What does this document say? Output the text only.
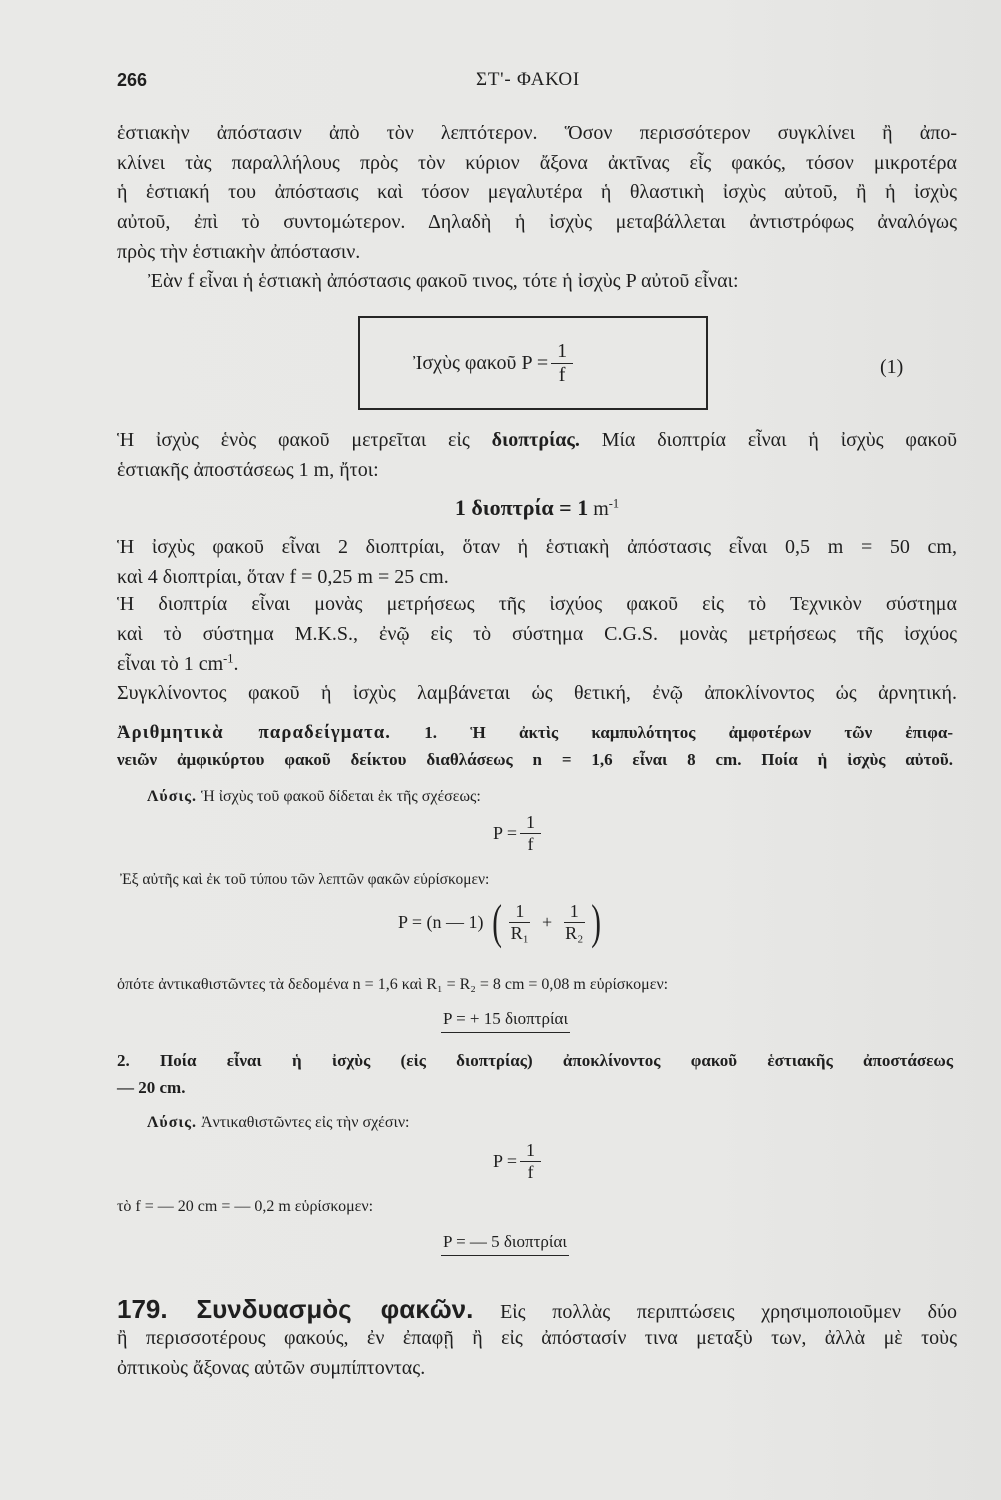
266	ΣΤ'- ΦΑΚΟΙ
ἑστιακὴν ἀπόστασιν ἀπὸ τὸν λεπτότερον. Ὅσον περισσότερον συγκλίνει ἢ ἀπο-
κλίνει τὰς παραλλήλους πρὸς τὸν κύριον ἄξονα ἀκτῖνας εἷς φακός, τόσον μικροτέρα
ἡ ἑστιακή του ἀπόστασις καὶ τόσον μεγαλυτέρα ἡ θλαστικὴ ἰσχὺς αὐτοῦ, ἢ ἡ ἰσχὺς
αὐτοῦ, ἐπὶ τὸ συντομώτερον. Δηλαδὴ ἡ ἰσχὺς μεταβάλλεται ἀντιστρόφως ἀναλόγως
πρὸς τὴν ἑστιακὴν ἀπόστασιν.
Ἐὰν f εἶναι ἡ ἑστιακὴ ἀπόστασις φακοῦ τινος, τότε ἡ ἰσχὺς P αὐτοῦ εἶναι:
Ἰσχὺς φακοῦ $P = \frac{1}{f}$	(1)
Ἡ ἰσχὺς ἑνὸς φακοῦ μετρεῖται εἰς διοπτρίας. Μία διοπτρία εἶναι ἡ ἰσχὺς φακοῦ
ἑστιακῆς ἀποστάσεως 1 m, ἤτοι:
1 διοπτρία = 1 $m^{-1}$
Ἡ ἰσχὺς φακοῦ εἶναι 2 διοπτρίαι, ὅταν ἡ ἑστιακὴ ἀπόστασις εἶναι 0,5 m = 50 cm,
καὶ 4 διοπτρίαι, ὅταν f = 0,25 m = 25 cm.
Ἡ διοπτρία εἶναι μονὰς μετρήσεως τῆς ἰσχύος φακοῦ εἰς τὸ Τεχνικὸν σύστημα
καὶ τὸ σύστημα M.K.S., ἐνῷ εἰς τὸ σύστημα C.G.S. μονὰς μετρήσεως τῆς ἰσχύος
εἶναι τὸ 1 $cm^{-1}$.
Συγκλίνοντος φακοῦ ἡ ἰσχὺς λαμβάνεται ὡς θετική, ἐνῷ ἀποκλίνοντος ὡς ἀρνητική.
Ἀριθμητικὰ παραδείγματα. 1. Ἡ ἀκτὶς καμπυλότητος ἀμφοτέρων τῶν ἐπιφα-
νειῶν ἀμφικύρτου φακοῦ δείκτου διαθλάσεως n = 1,6 εἶναι 8 cm. Ποία ἡ ἰσχὺς αὐτοῦ.
Λύσις. Ἡ ἰσχὺς τοῦ φακοῦ δίδεται ἐκ τῆς σχέσεως:
$P = \frac{1}{f}$
Ἐξ αὐτῆς καὶ ἐκ τοῦ τύπου τῶν λεπτῶν φακῶν εὑρίσκομεν:
P = (n — 1) ( $\frac{1}{\text{R₁}} + \frac{1}{\text{R₂}}$ )
ὁπότε ἀντικαθιστῶντες τὰ δεδομένα n = 1,6 καὶ R₁ = R₂ = 8 cm = 0,08 m εὑρίσκομεν:
P = + 15 διοπτρίαι
2. Ποία εἶναι ἡ ἰσχὺς (εἰς διοπτρίας) ἀποκλίνοντος φακοῦ ἑστιακῆς ἀποστάσεως
— 20 cm.
Λύσις. Ἀντικαθιστῶντες εἰς τὴν σχέσιν:
$P = \frac{1}{f}$
τὸ f = — 20 cm = — 0,2 m εὑρίσκομεν:
P = — 5 διοπτρίαι
179. Συνδυασμὸς φακῶν. Εἰς πολλὰς περιπτώσεις χρησιμοποιοῦμεν δύο
ἢ περισσοτέρους φακούς, ἐν ἐπαφῇ ἢ εἰς ἀπόστασίν τινα μεταξὺ των, ἀλλὰ μὲ τοὺς
ὀπτικοὺς ἄξονας αὐτῶν συμπίπτοντας.
